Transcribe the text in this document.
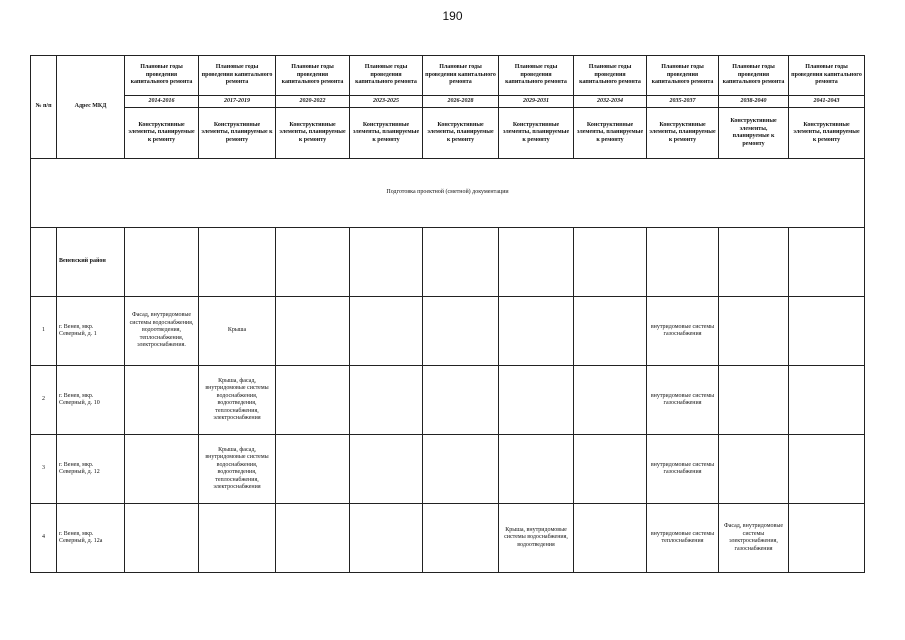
190
№ п/п	Адрес МКД	Плановые годы проведения капитального ремонта	Плановые годы проведения капитального ремонта	Плановые годы проведения капитального ремонта	Плановые годы проведения капитального ремонта	Плановые годы проведения капитального ремонта	Плановые годы проведения капитального ремонта	Плановые годы проведения капитального ремонта	Плановые годы проведения капитального ремонта	Плановые годы проведения капитального ремонта	Плановые годы проведения капитального ремонта
		2014-2016	2017-2019	2020-2022	2023-2025	2026-2028	2029-2031	2032-2034	2035-2037	2038-2040	2041-2043
		Конструктивные элементы, планируемые к ремонту	Конструктивные элементы, планируемые к ремонту	Конструктивные элементы, планируемые к ремонту	Конструктивные элементы, планируемые к ремонту	Конструктивные элементы, планируемые к ремонту	Конструктивные элементы, планируемые к ремонту	Конструктивные элементы, планируемые к ремонту	Конструктивные элементы, планируемые к ремонту	Конструктивные элементы, планируемые к ремонту	Конструктивные элементы, планируемые к ремонту
Подготовка проектной (сметной) документации											
	Веневский район										
1	г. Венев, мкр. Северный, д. 1	Фасад, внутридомовые системы водоснабжения, водоотведения, теплоснабжения, электроснабжения.	Крыша						внутридомовые системы газоснабжения		
2	г. Венев, мкр. Северный, д. 10		Крыша, фасад, внутридомовые системы водоснабжения, водоотведения, теплоснабжения, электроснабжения						внутридомовые системы газоснабжения		
3	г. Венев, мкр. Северный, д. 12		Крыша, фасад, внутридомовые системы водоснабжения, водоотведения, теплоснабжения, электроснабжения						внутридомовые системы газоснабжения		
4	г. Венев, мкр. Северный, д. 12а						Крыша, внутридомовые системы водоснабжения, водоотведения		внутридомовые системы теплоснабжения	Фасад, внутридомовые системы электроснабжения, газоснабжения	
